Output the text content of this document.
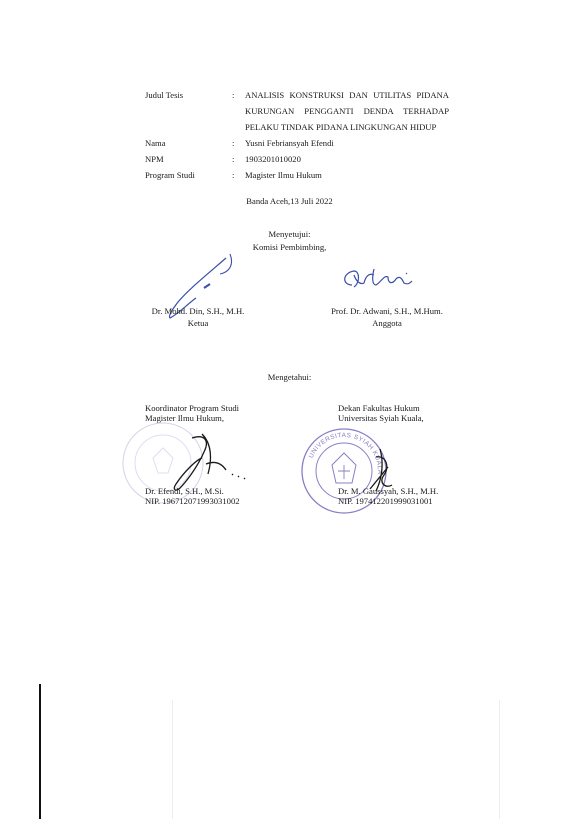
Judul Tesis	: ANALISIS KONSTRUKSI DAN UTILITAS PIDANA
KURUNGAN PENGGANTI DENDA TERHADAP
PELAKU TINDAK PIDANA LINGKUNGAN HIDUP
Nama	: Yusni Febriansyah Efendi
NPM	: 1903201010020
Program Studi	: Magister Ilmu Hukum
Banda Aceh,13 Juli 2022
Menyetujui:
Komisi Pembimbing,
Dr. Mohd. Din, S.H., M.H.
Ketua
Prof. Dr. Adwani, S.H., M.Hum.
Anggota
Mengetahui:
Koordinator Program Studi
Magister Ilmu Hukum,
Dekan Fakultas Hukum
Universitas Syiah Kuala,
UNIVERSITAS SYIAH KUALA
Dr. Efendi, S.H., M.Si.
NIP. 196712071993031002
Dr. M. Gaussyah, S.H., M.H.
NIP. 197412201999031001
